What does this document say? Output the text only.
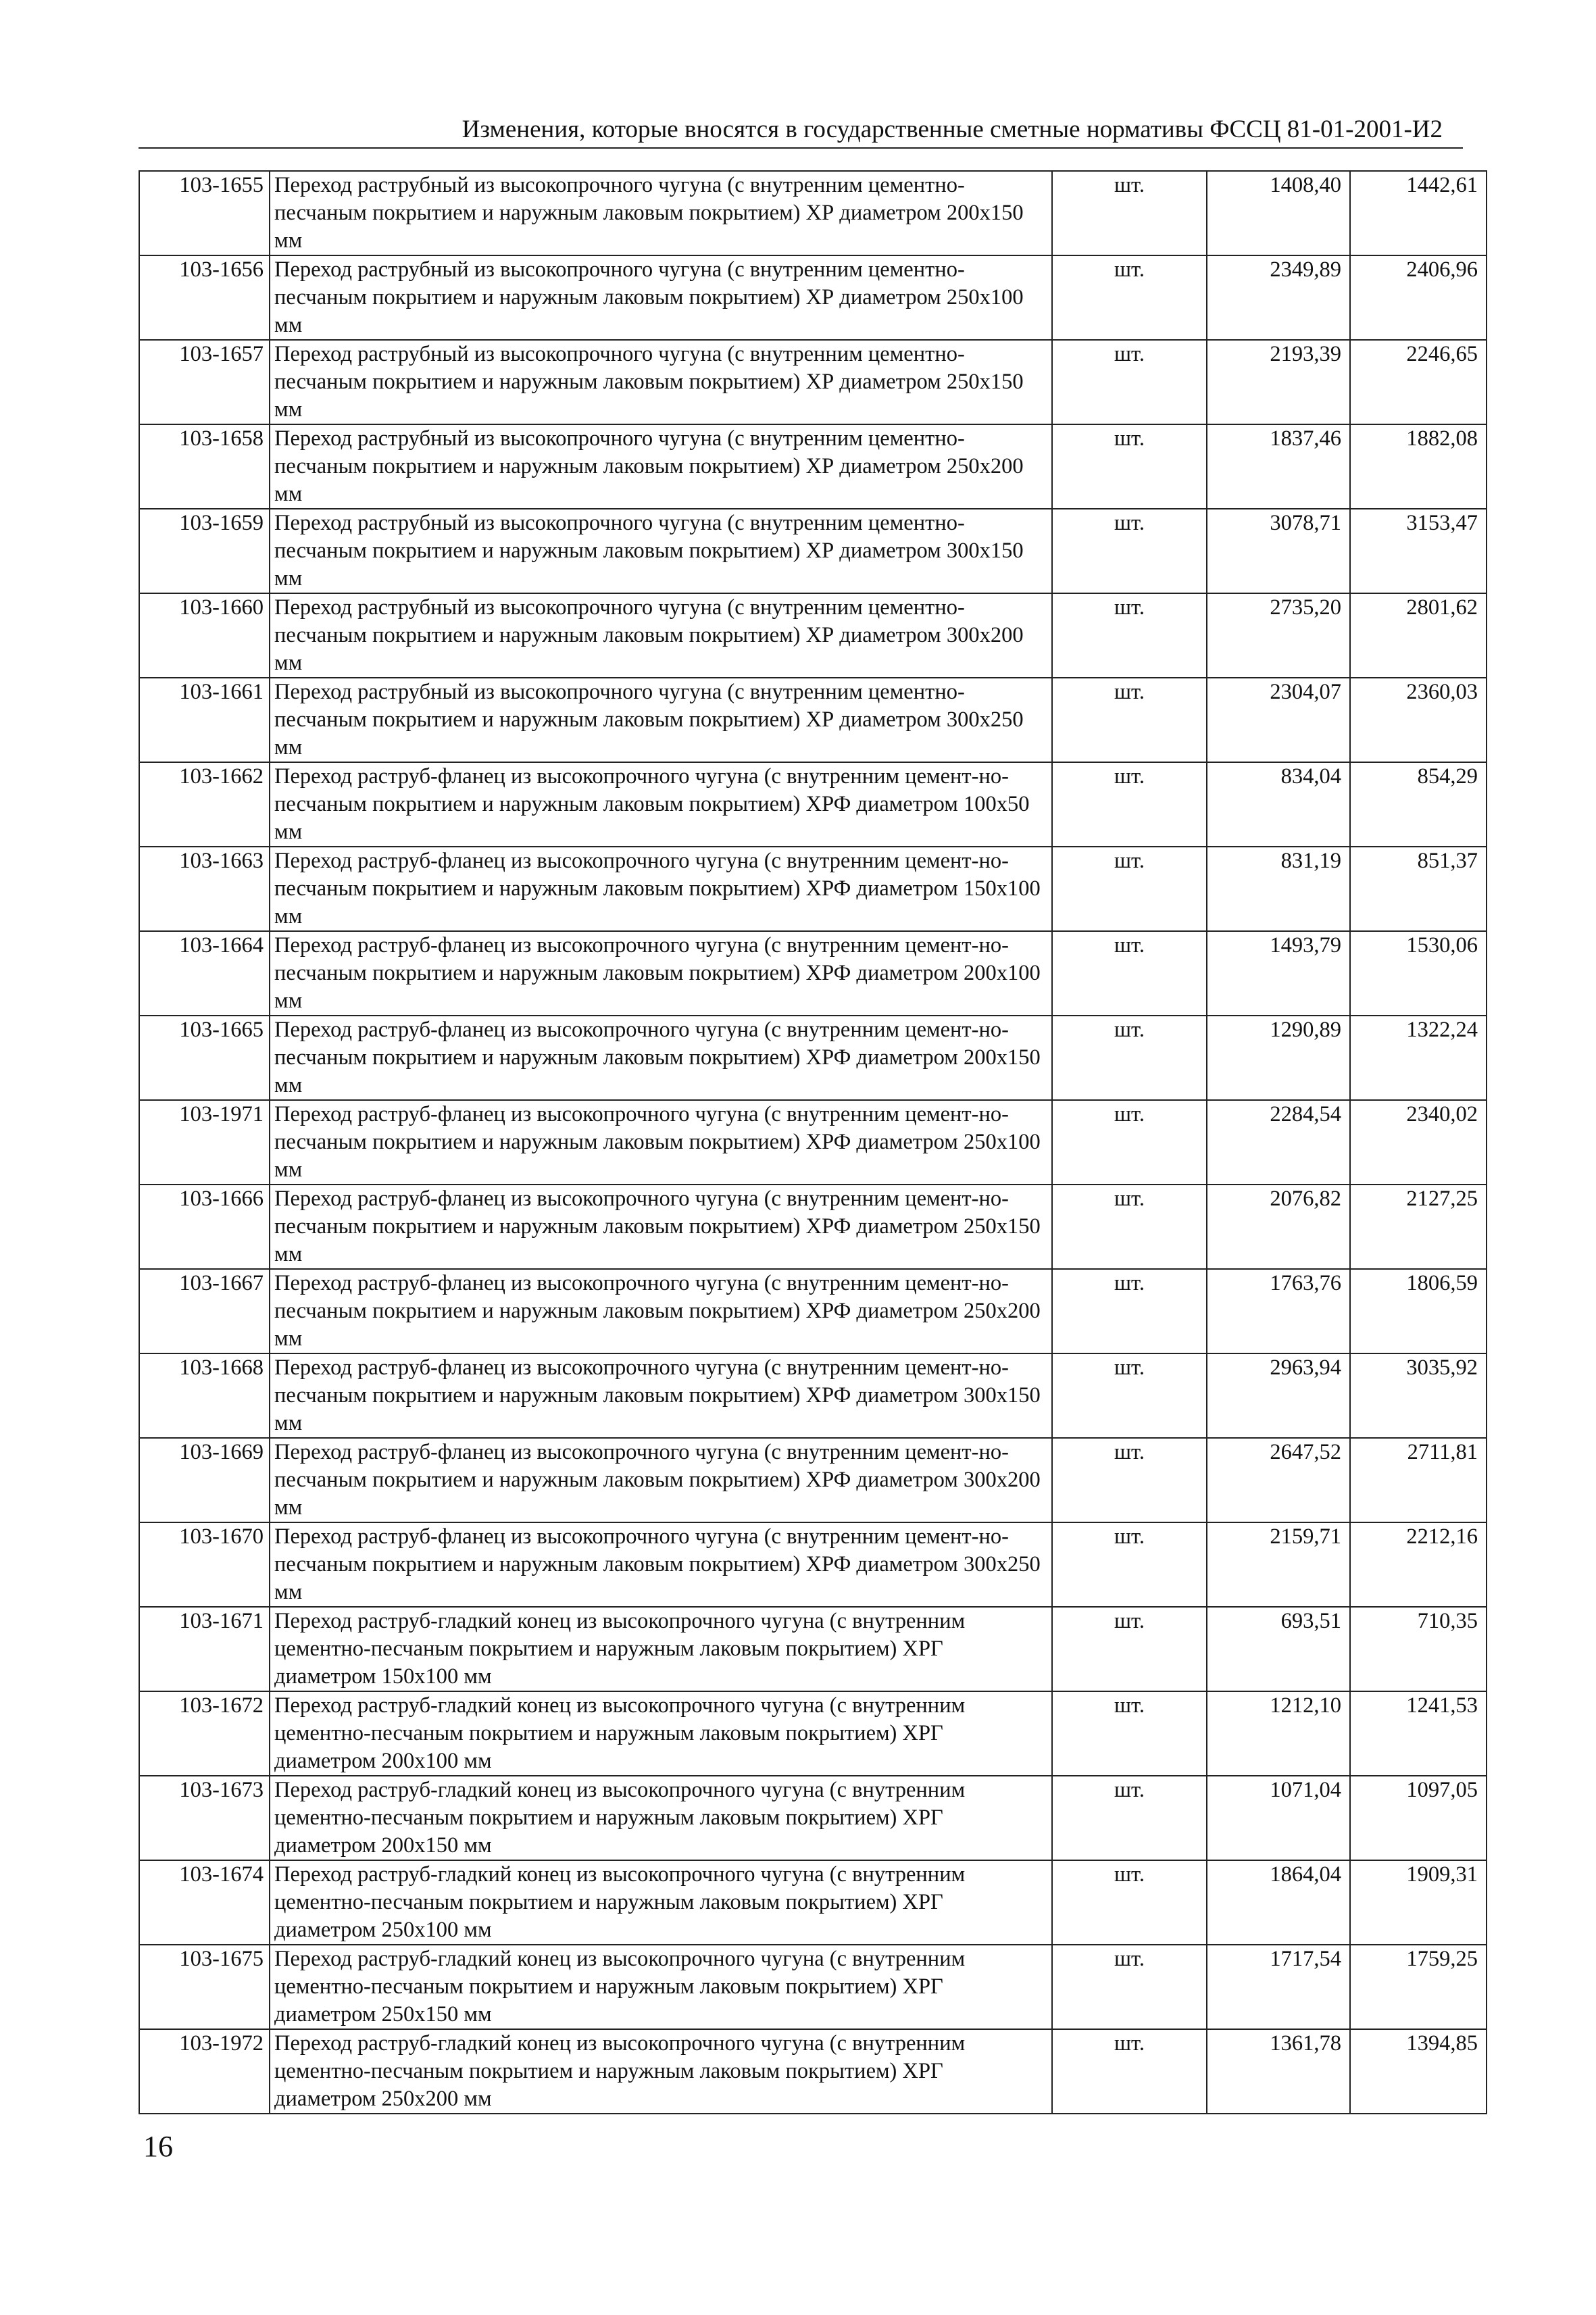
Изменения, которые вносятся в государственные сметные нормативы ФССЦ 81-01-2001-И2
103-1655	Переход раструбный из высокопрочного чугуна (с внутренним цементно-песчаным покрытием и наружным лаковым покрытием) ХР диаметром 200х150 мм	шт.	1408,40	1442,61
103-1656	Переход раструбный из высокопрочного чугуна (с внутренним цементно-песчаным покрытием и наружным лаковым покрытием) ХР диаметром 250х100 мм	шт.	2349,89	2406,96
103-1657	Переход раструбный из высокопрочного чугуна (с внутренним цементно-песчаным покрытием и наружным лаковым покрытием) ХР диаметром 250х150 мм	шт.	2193,39	2246,65
103-1658	Переход раструбный из высокопрочного чугуна (с внутренним цементно-песчаным покрытием и наружным лаковым покрытием) ХР диаметром 250х200 мм	шт.	1837,46	1882,08
103-1659	Переход раструбный из высокопрочного чугуна (с внутренним цементно-песчаным покрытием и наружным лаковым покрытием) ХР диаметром 300х150 мм	шт.	3078,71	3153,47
103-1660	Переход раструбный из высокопрочного чугуна (с внутренним цементно-песчаным покрытием и наружным лаковым покрытием) ХР диаметром 300х200 мм	шт.	2735,20	2801,62
103-1661	Переход раструбный из высокопрочного чугуна (с внутренним цементно-песчаным покрытием и наружным лаковым покрытием) ХР диаметром 300х250 мм	шт.	2304,07	2360,03
103-1662	Переход раструб-фланец из высокопрочного чугуна (с внутренним цемент-но-песчаным покрытием и наружным лаковым покрытием) ХРФ диаметром 100х50 мм	шт.	834,04	854,29
103-1663	Переход раструб-фланец из высокопрочного чугуна (с внутренним цемент-но-песчаным покрытием и наружным лаковым покрытием) ХРФ диаметром 150х100 мм	шт.	831,19	851,37
103-1664	Переход раструб-фланец из высокопрочного чугуна (с внутренним цемент-но-песчаным покрытием и наружным лаковым покрытием) ХРФ диаметром 200х100 мм	шт.	1493,79	1530,06
103-1665	Переход раструб-фланец из высокопрочного чугуна (с внутренним цемент-но-песчаным покрытием и наружным лаковым покрытием) ХРФ диаметром 200х150 мм	шт.	1290,89	1322,24
103-1971	Переход раструб-фланец из высокопрочного чугуна (с внутренним цемент-но-песчаным покрытием и наружным лаковым покрытием) ХРФ диаметром 250х100 мм	шт.	2284,54	2340,02
103-1666	Переход раструб-фланец из высокопрочного чугуна (с внутренним цемент-но-песчаным покрытием и наружным лаковым покрытием) ХРФ диаметром 250х150 мм	шт.	2076,82	2127,25
103-1667	Переход раструб-фланец из высокопрочного чугуна (с внутренним цемент-но-песчаным покрытием и наружным лаковым покрытием) ХРФ диаметром 250х200 мм	шт.	1763,76	1806,59
103-1668	Переход раструб-фланец из высокопрочного чугуна (с внутренним цемент-но-песчаным покрытием и наружным лаковым покрытием) ХРФ диаметром 300х150 мм	шт.	2963,94	3035,92
103-1669	Переход раструб-фланец из высокопрочного чугуна (с внутренним цемент-но-песчаным покрытием и наружным лаковым покрытием) ХРФ диаметром 300х200 мм	шт.	2647,52	2711,81
103-1670	Переход раструб-фланец из высокопрочного чугуна (с внутренним цемент-но-песчаным покрытием и наружным лаковым покрытием) ХРФ диаметром 300х250 мм	шт.	2159,71	2212,16
103-1671	Переход раструб-гладкий конец из высокопрочного чугуна (с внутренним цементно-песчаным покрытием и наружным лаковым покрытием) ХРГ диаметром 150х100 мм	шт.	693,51	710,35
103-1672	Переход раструб-гладкий конец из высокопрочного чугуна (с внутренним цементно-песчаным покрытием и наружным лаковым покрытием) ХРГ диаметром 200х100 мм	шт.	1212,10	1241,53
103-1673	Переход раструб-гладкий конец из высокопрочного чугуна (с внутренним цементно-песчаным покрытием и наружным лаковым покрытием) ХРГ диаметром 200х150 мм	шт.	1071,04	1097,05
103-1674	Переход раструб-гладкий конец из высокопрочного чугуна (с внутренним цементно-песчаным покрытием и наружным лаковым покрытием) ХРГ диаметром 250х100 мм	шт.	1864,04	1909,31
103-1675	Переход раструб-гладкий конец из высокопрочного чугуна (с внутренним цементно-песчаным покрытием и наружным лаковым покрытием) ХРГ диаметром 250х150 мм	шт.	1717,54	1759,25
103-1972	Переход раструб-гладкий конец из высокопрочного чугуна (с внутренним цементно-песчаным покрытием и наружным лаковым покрытием) ХРГ диаметром 250х200 мм	шт.	1361,78	1394,85
16
